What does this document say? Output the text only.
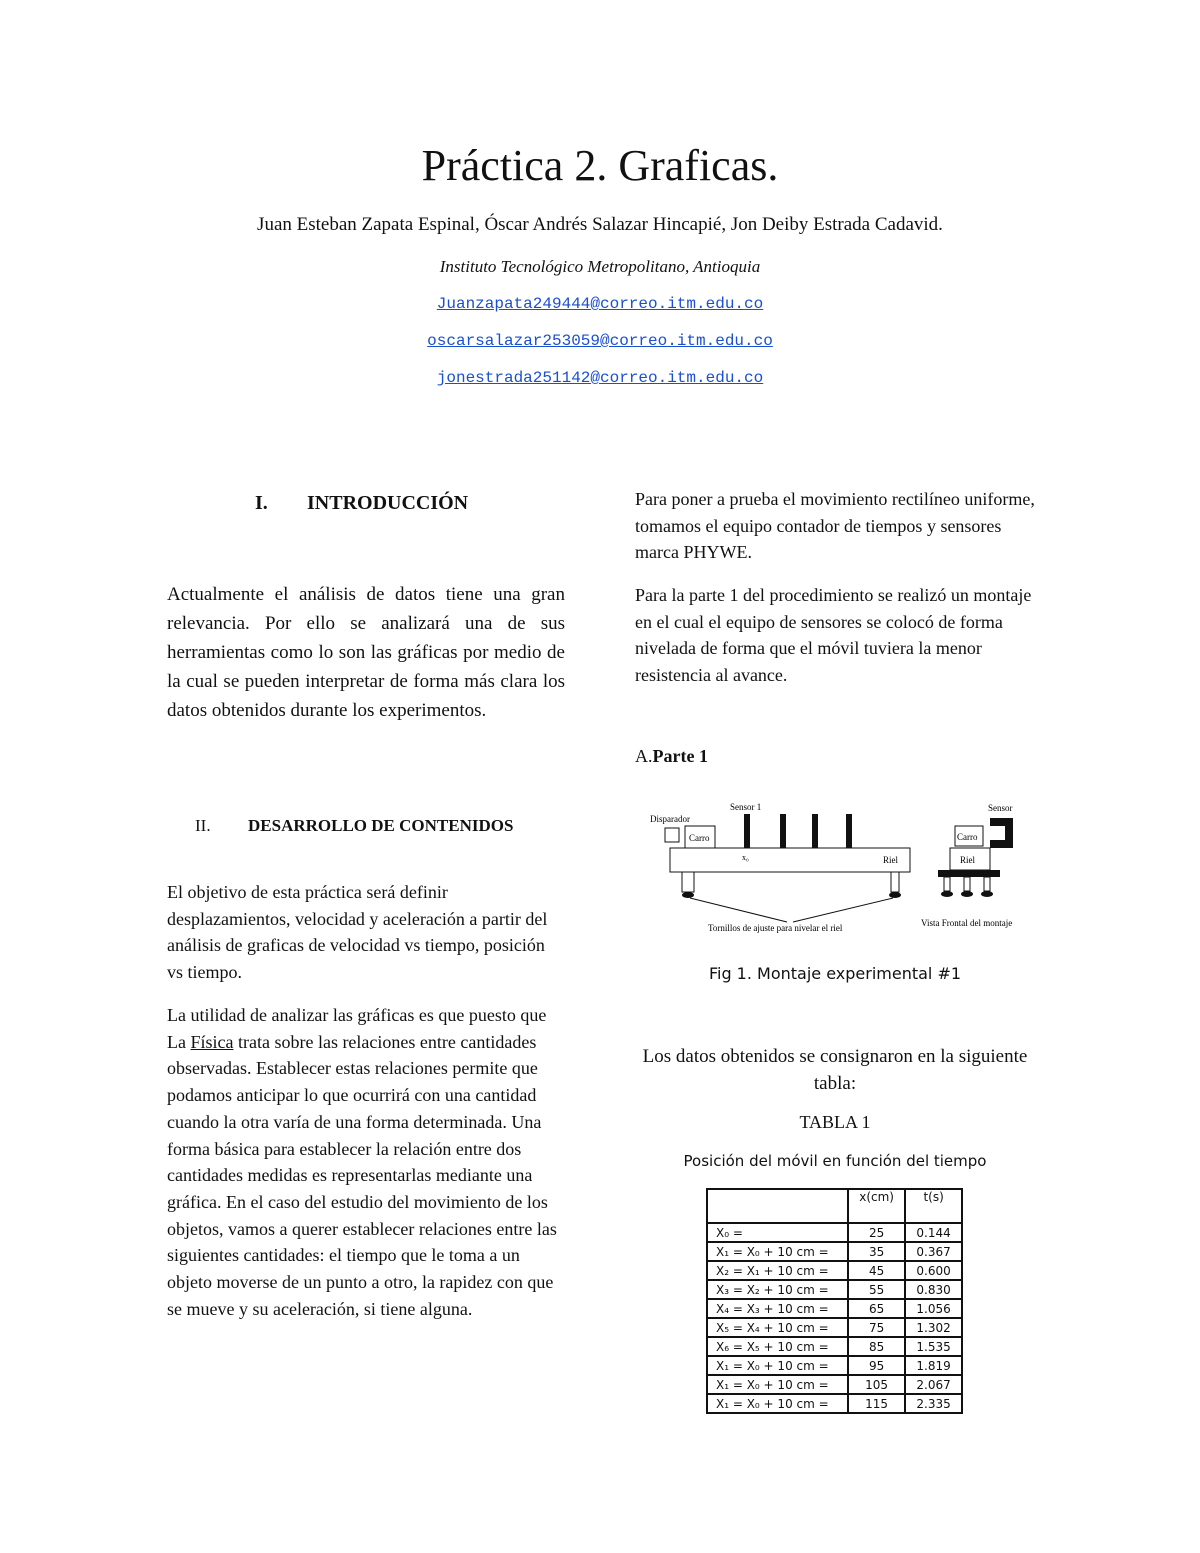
Práctica 2. Graficas.
Juan Esteban Zapata Espinal, Óscar Andrés Salazar Hincapié, Jon Deiby Estrada Cadavid.
Instituto Tecnológico Metropolitano, Antioquia
Juanzapata249444@correo.itm.edu.co
oscarsalazar253059@correo.itm.edu.co
jonestrada251142@correo.itm.edu.co
I. INTRODUCCIÓN
Actualmente el análisis de datos tiene una gran relevancia. Por ello se analizará una de sus herramientas como lo son las gráficas por medio de la cual se pueden interpretar de forma más clara los datos obtenidos durante los experimentos.
II. DESARROLLO DE CONTENIDOS
El objetivo de esta práctica será definir desplazamientos, velocidad y aceleración a partir del análisis de graficas de velocidad vs tiempo, posición vs tiempo.
La utilidad de analizar las gráficas es que puesto que La Física trata sobre las relaciones entre cantidades observadas. Establecer estas relaciones permite que podamos anticipar lo que ocurrirá con una cantidad cuando la otra varía de una forma determinada. Una forma básica para establecer la relación entre dos cantidades medidas es representarlas mediante una gráfica. En el caso del estudio del movimiento de los objetos, vamos a querer establecer relaciones entre las siguientes cantidades: el tiempo que le toma a un objeto moverse de un punto a otro, la rapidez con que se mueve y su aceleración, si tiene alguna.
Para poner a prueba el movimiento rectilíneo uniforme, tomamos el equipo contador de tiempos y sensores marca PHYWE.
Para la parte 1 del procedimiento se realizó un montaje en el cual el equipo de sensores se colocó de forma nivelada de forma que el móvil tuviera la menor resistencia al avance.
A.Parte 1
Disparador
Sensor 1
Carro
x₀	Riel
Tornillos de ajuste para nivelar el riel
Sensor
Carro
Riel
Vista Frontal del montaje
Fig 1. Montaje experimental #1
Los datos obtenidos se consignaron en la siguiente tabla:
TABLA 1
Posición del móvil en función del tiempo
	x(cm)	t(s)
X₀ =	25	0.144
X₁ = X₀ + 10 cm =	35	0.367
X₂ = X₁ + 10 cm =	45	0.600
X₃ = X₂ + 10 cm =	55	0.830
X₄ = X₃ + 10 cm =	65	1.056
X₅ = X₄ + 10 cm =	75	1.302
X₆ = X₅ + 10 cm =	85	1.535
X₁ = X₀ + 10 cm =	95	1.819
X₁ = X₀ + 10 cm =	105	2.067
X₁ = X₀ + 10 cm =	115	2.335
